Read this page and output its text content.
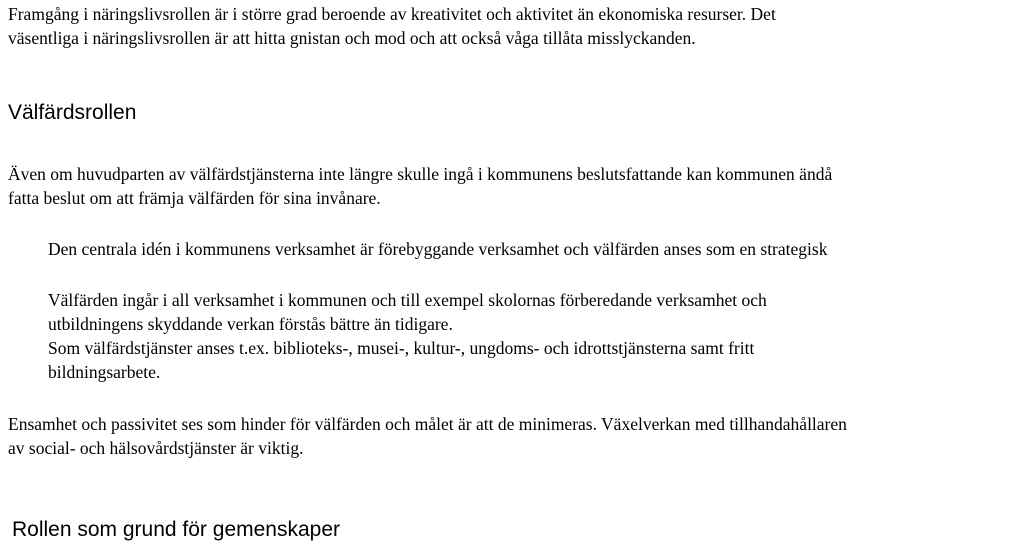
Framgång i näringslivsrollen är i större grad beroende av kreativitet och aktivitet än ekonomiska resurser. Det
väsentliga i näringslivsrollen är att hitta gnistan och mod och att också våga tillåta misslyckanden.

Välfärdsrollen

Även om huvudparten av välfärdstjänsterna inte längre skulle ingå i kommunens beslutsfattande kan kommunen ändå
fatta beslut om att främja välfärden för sina invånare.

Den centrala idén i kommunens verksamhet är förebyggande verksamhet och välfärden anses som en strategisk

Välfärden ingår i all verksamhet i kommunen och till exempel skolornas förberedande verksamhet och
utbildningens skyddande verkan förstås bättre än tidigare.

Som välfärdstjänster anses t.ex. biblioteks-, musei-, kultur-, ungdoms- och idrottstjänsterna samt fritt
bildningsarbete.

Ensamhet och passivitet ses som hinder för välfärden och målet är att de minimeras. Växelverkan med tillhandahållaren
av social- och hälsovårdstjänster är viktig.

Rollen som grund för gemenskaper
